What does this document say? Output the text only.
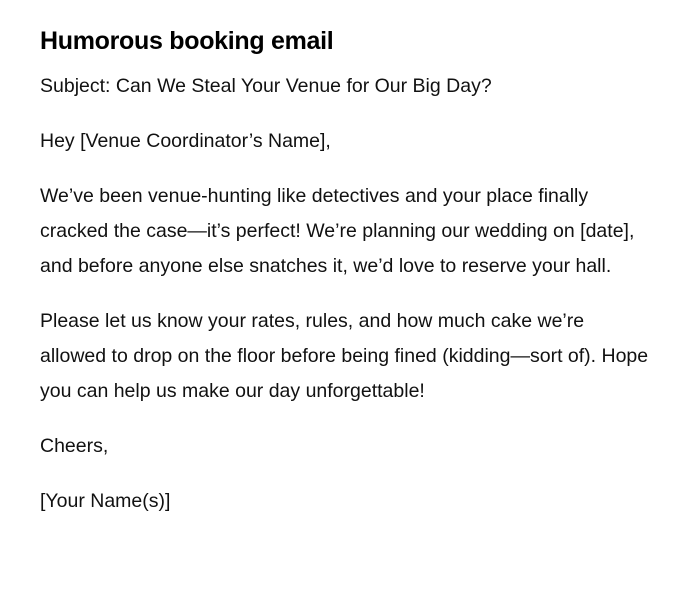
Humorous booking email

Subject: Can We Steal Your Venue for Our Big Day?

Hey [Venue Coordinator’s Name],

We’ve been venue-hunting like detectives and your place finally cracked the case—it’s perfect! We’re planning our wedding on [date], and before anyone else snatches it, we’d love to reserve your hall.

Please let us know your rates, rules, and how much cake we’re allowed to drop on the floor before being fined (kidding—sort of). Hope you can help us make our day unforgettable!

Cheers,

[Your Name(s)]
